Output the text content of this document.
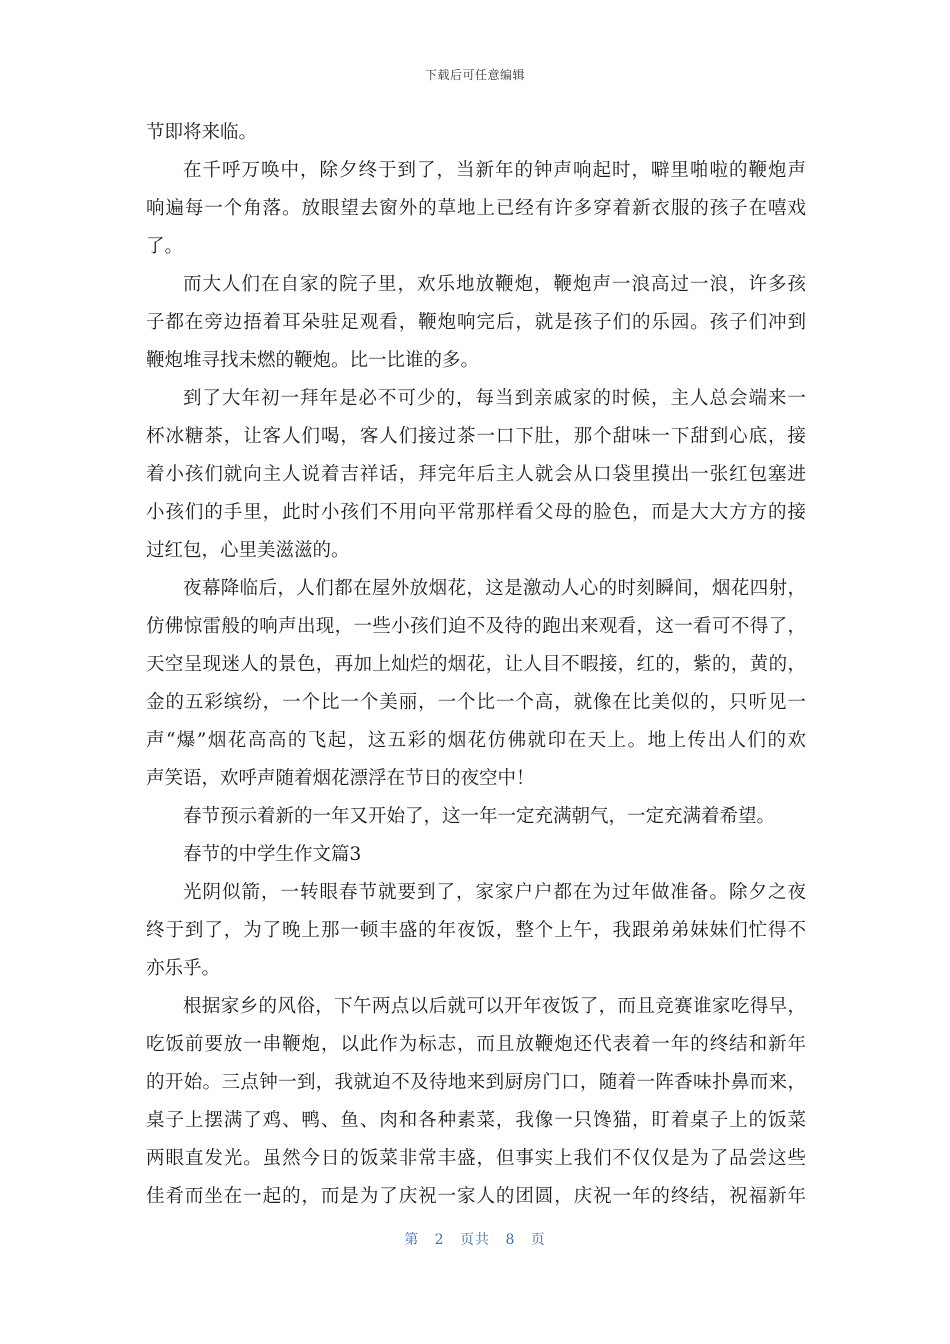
下载后可任意编辑
节即将来临。
在千呼万唤中，除夕终于到了，当新年的钟声响起时，噼里啪啦的鞭炮声
响遍每一个角落。放眼望去窗外的草地上已经有许多穿着新衣服的孩子在嘻戏
了。
而大人们在自家的院子里，欢乐地放鞭炮，鞭炮声一浪高过一浪，许多孩
子都在旁边捂着耳朵驻足观看，鞭炮响完后，就是孩子们的乐园。孩子们冲到
鞭炮堆寻找未燃的鞭炮。比一比谁的多。
到了大年初一拜年是必不可少的，每当到亲戚家的时候，主人总会端来一
杯冰糖茶，让客人们喝，客人们接过茶一口下肚，那个甜味一下甜到心底，接
着小孩们就向主人说着吉祥话，拜完年后主人就会从口袋里摸出一张红包塞进
小孩们的手里，此时小孩们不用向平常那样看父母的脸色，而是大大方方的接
过红包，心里美滋滋的。
夜幕降临后，人们都在屋外放烟花，这是激动人心的时刻瞬间，烟花四射，
仿佛惊雷般的响声出现，一些小孩们迫不及待的跑出来观看，这一看可不得了，
天空呈现迷人的景色，再加上灿烂的烟花，让人目不暇接，红的，紫的，黄的，
金的五彩缤纷，一个比一个美丽，一个比一个高，就像在比美似的，只听见一
声“爆”烟花高高的飞起，这五彩的烟花仿佛就印在天上。地上传出人们的欢
声笑语，欢呼声随着烟花漂浮在节日的夜空中！
春节预示着新的一年又开始了，这一年一定充满朝气，一定充满着希望。
春节的中学生作文篇3
光阴似箭，一转眼春节就要到了，家家户户都在为过年做准备。除夕之夜
终于到了，为了晚上那一顿丰盛的年夜饭，整个上午，我跟弟弟妹妹们忙得不
亦乐乎。
根据家乡的风俗，下午两点以后就可以开年夜饭了，而且竞赛谁家吃得早，
吃饭前要放一串鞭炮，以此作为标志，而且放鞭炮还代表着一年的终结和新年
的开始。三点钟一到，我就迫不及待地来到厨房门口，随着一阵香味扑鼻而来，
桌子上摆满了鸡、鸭、鱼、肉和各种素菜，我像一只馋猫，盯着桌子上的饭菜
两眼直发光。虽然今日的饭菜非常丰盛，但事实上我们不仅仅是为了品尝这些
佳肴而坐在一起的，而是为了庆祝一家人的团圆，庆祝一年的终结，祝福新年
第 2 页共 8 页
